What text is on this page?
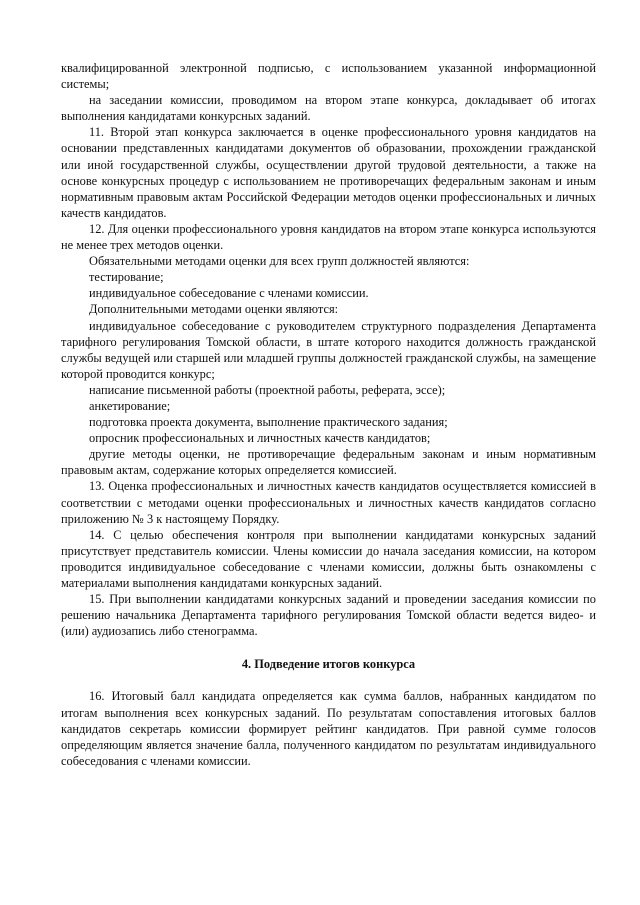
квалифицированной электронной подписью, с использованием указанной информационной системы;

на заседании комиссии, проводимом на втором этапе конкурса, докладывает об итогах выполнения кандидатами конкурсных заданий.

11. Второй этап конкурса заключается в оценке профессионального уровня кандидатов на основании представленных кандидатами документов об образовании, прохождении гражданской или иной государственной службы, осуществлении другой трудовой деятельности, а также на основе конкурсных процедур с использованием не противоречащих федеральным законам и иным нормативным правовым актам Российской Федерации методов оценки профессиональных и личных качеств кандидатов.

12. Для оценки профессионального уровня кандидатов на втором этапе конкурса используются не менее трех методов оценки.

Обязательными методами оценки для всех групп должностей являются:

тестирование;

индивидуальное собеседование с членами комиссии.

Дополнительными методами оценки являются:

индивидуальное собеседование с руководителем структурного подразделения Департамента тарифного регулирования Томской области, в штате которого находится должность гражданской службы ведущей или старшей или младшей группы должностей гражданской службы, на замещение которой проводится конкурс;

написание письменной работы (проектной работы, реферата, эссе);

анкетирование;

подготовка проекта документа, выполнение практического задания;

опросник профессиональных и личностных качеств кандидатов;

другие методы оценки, не противоречащие федеральным законам и иным нормативным правовым актам, содержание которых определяется комиссией.

13. Оценка профессиональных и личностных качеств кандидатов осуществляется комиссией в соответствии с методами оценки профессиональных и личностных качеств кандидатов согласно приложению № 3 к настоящему Порядку.

14. С целью обеспечения контроля при выполнении кандидатами конкурсных заданий присутствует представитель комиссии. Члены комиссии до начала заседания комиссии, на котором проводится индивидуальное собеседование с членами комиссии, должны быть ознакомлены с материалами выполнения кандидатами конкурсных заданий.

15. При выполнении кандидатами конкурсных заданий и проведении заседания комиссии по решению начальника Департамента тарифного регулирования Томской области ведется видео- и (или) аудиозапись либо стенограмма.

4. Подведение итогов конкурса

16. Итоговый балл кандидата определяется как сумма баллов, набранных кандидатом по итогам выполнения всех конкурсных заданий. По результатам сопоставления итоговых баллов кандидатов секретарь комиссии формирует рейтинг кандидатов. При равной сумме голосов определяющим является значение балла, полученного кандидатом по результатам индивидуального собеседования с членами комиссии.
